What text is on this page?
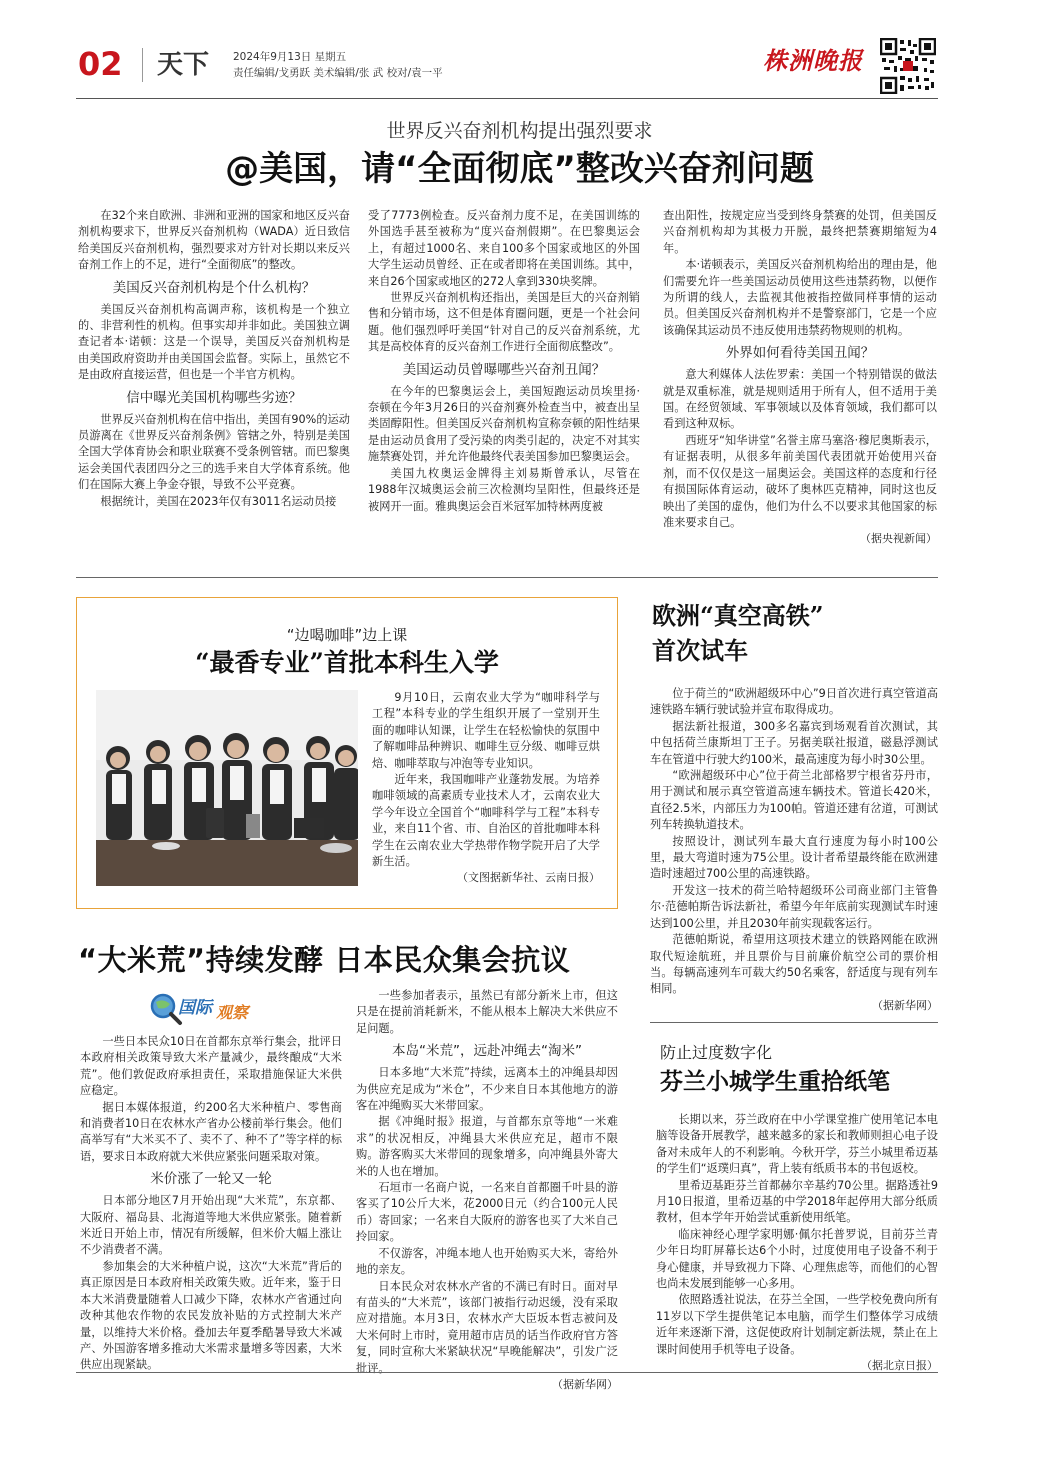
02 天下 2024年9月13日 星期五
责任编辑/戈勇跃 美术编辑/张 武 校对/袁一平	株洲晚报
世界反兴奋剂机构提出强烈要求
@美国，请“全面彻底”整改兴奋剂问题

在32个来自欧洲、非洲和亚洲的国家和地区反兴奋剂机构要求下，世界反兴奋剂机构（WADA）近日致信给美国反兴奋剂机构，强烈要求对方针对长期以来反兴奋剂工作上的不足，进行“全面彻底”的整改。

美国反兴奋剂机构是个什么机构？

美国反兴奋剂机构高调声称，该机构是一个独立的、非营利性的机构。但事实却并非如此。美国独立调查记者本·诺顿：这是一个误导，美国反兴奋剂机构是由美国政府资助并由美国国会监督。实际上，虽然它不是由政府直接运营，但也是一个半官方机构。

信中曝光美国机构哪些劣迹？

世界反兴奋剂机构在信中指出，美国有90%的运动员游离在《世界反兴奋剂条例》管辖之外，特别是美国全国大学体育协会和职业联赛不受条例管辖。而巴黎奥运会美国代表团四分之三的选手来自大学体育系统。他们在国际大赛上争金夺银，导致不公平竞赛。

根据统计，美国在2023年仅有3011名运动员接

受了7773例检查。反兴奋剂力度不足，在美国训练的外国选手甚至被称为“度兴奋剂假期”。在巴黎奥运会上，有超过1000名、来自100多个国家或地区的外国大学生运动员曾经、正在或者即将在美国训练。其中，来自26个国家或地区的272人拿到330块奖牌。

世界反兴奋剂机构还指出，美国是巨大的兴奋剂销售和分销市场，这不但是体育圈问题，更是一个社会问题。他们强烈呼吁美国“针对自己的反兴奋剂系统，尤其是高校体育的反兴奋剂工作进行全面彻底整改”。

美国运动员曾曝哪些兴奋剂丑闻？

在今年的巴黎奥运会上，美国短跑运动员埃里扬·奈顿在今年3月26日的兴奋剂赛外检查当中，被查出呈类固醇阳性。但美国反兴奋剂机构宣称奈顿的阳性结果是由运动员食用了受污染的肉类引起的，决定不对其实施禁赛处罚，并允许他最终代表美国参加巴黎奥运会。

美国九枚奥运金牌得主刘易斯曾承认，尽管在1988年汉城奥运会前三次检测均呈阳性，但最终还是被网开一面。雅典奥运会百米冠军加特林两度被

查出阳性，按规定应当受到终身禁赛的处罚，但美国反兴奋剂机构却为其极力开脱，最终把禁赛期缩短为4年。

本·诺顿表示，美国反兴奋剂机构给出的理由是，他们需要允许一些美国运动员使用这些违禁药物，以便作为所谓的线人，去监视其他被指控做同样事情的运动员。但美国反兴奋剂机构并不是警察部门，它是一个应该确保其运动员不违反使用违禁药物规则的机构。

外界如何看待美国丑闻？

意大利媒体人法佐罗索：美国一个特别错误的做法就是双重标准，就是规则适用于所有人，但不适用于美国。在经贸领域、军事领域以及体育领域，我们都可以看到这种双标。

西班牙“知华讲堂”名誉主席马塞洛·穆尼奥斯表示，有证据表明，从很多年前美国代表团就开始使用兴奋剂，而不仅仅是这一届奥运会。美国这样的态度和行径有损国际体育运动，破坏了奥林匹克精神，同时这也反映出了美国的虚伪，他们为什么不以要求其他国家的标准来要求自己。

（据央视新闻）
“边喝咖啡”边上课
“最香专业”首批本科生入学

9月10日，云南农业大学为“咖啡科学与工程”本科专业的学生组织开展了一堂别开生面的咖啡认知课，让学生在轻松愉快的氛围中了解咖啡品种辨识、咖啡生豆分级、咖啡豆烘焙、咖啡萃取与冲泡等专业知识。

近年来，我国咖啡产业蓬勃发展。为培养咖啡领域的高素质专业技术人才，云南农业大学今年设立全国首个“咖啡科学与工程”本科专业，来自11个省、市、自治区的首批咖啡本科学生在云南农业大学热带作物学院开启了大学新生活。

（文图据新华社、云南日报）
欧洲“真空高铁”
首次试车

位于荷兰的“欧洲超级环中心”9日首次进行真空管道高速铁路车辆行驶试验并宣布取得成功。

据法新社报道，300多名嘉宾到场观看首次测试，其中包括荷兰康斯坦丁王子。另据美联社报道，磁悬浮测试车在管道中行驶大约100米，最高速度为每小时30公里。

“欧洲超级环中心”位于荷兰北部格罗宁根省芬丹市，用于测试和展示真空管道高速车辆技术。管道长420米，直径2.5米，内部压力为100帕。管道还建有岔道，可测试列车转换轨道技术。

按照设计，测试列车最大直行速度为每小时100公里，最大弯道时速为75公里。设计者希望最终能在欧洲建造时速超过700公里的高速铁路。

开发这一技术的荷兰哈特超级环公司商业部门主管鲁尔·范德帕斯告诉法新社，希望今年年底前实现测试车时速达到100公里，并且2030年前实现载客运行。

范德帕斯说，希望用这项技术建立的铁路网能在欧洲取代短途航班，并且票价与目前廉价航空公司的票价相当。每辆高速列车可载大约50名乘客，舒适度与现有列车相同。

（据新华网）
“大米荒”持续发酵 日本民众集会抗议
国际 观察

一些日本民众10日在首都东京举行集会，批评日本政府相关政策导致大米产量减少，最终酿成“大米荒”。他们敦促政府承担责任，采取措施保证大米供应稳定。

据日本媒体报道，约200名大米种植户、零售商和消费者10日在农林水产省办公楼前举行集会。他们高举写有“大米买不了、卖不了、种不了”等字样的标语，要求日本政府就大米供应紧张问题采取对策。

米价涨了一轮又一轮

日本部分地区7月开始出现“大米荒”，东京都、大阪府、福岛县、北海道等地大米供应紧张。随着新米近日开始上市，情况有所缓解，但米价大幅上涨让不少消费者不满。

参加集会的大米种植户说，这次“大米荒”背后的真正原因是日本政府相关政策失败。近年来，鉴于日本大米消费量随着人口减少下降，农林水产省通过向改种其他农作物的农民发放补贴的方式控制大米产量，以维持大米价格。叠加去年夏季酷暑导致大米减产、外国游客增多推动大米需求量增多等因素，大米供应出现紧缺。

一些参加者表示，虽然已有部分新米上市，但这只是在提前消耗新米，不能从根本上解决大米供应不足问题。

本岛“米荒”，远赴冲绳去“淘米”

日本多地“大米荒”持续，远离本土的冲绳县却因为供应充足成为“米仓”，不少来自日本其他地方的游客在冲绳购买大米带回家。

据《冲绳时报》报道，与首都东京等地“一米难求”的状况相反，冲绳县大米供应充足，超市不限购。游客购买大米带回的现象增多，向冲绳县外寄大米的人也在增加。

石垣市一名商户说，一名来自首都圈千叶县的游客买了10公斤大米，花2000日元（约合100元人民币）寄回家；一名来自大阪府的游客也买了大米自己拎回家。

不仅游客，冲绳本地人也开始购买大米，寄给外地的亲友。

日本民众对农林水产省的不满已有时日。面对早有苗头的“大米荒”，该部门被指行动迟缓，没有采取应对措施。本月3日，农林水产大臣坂本哲志被问及大米何时上市时，竟用超市店员的话当作政府官方答复，同时宣称大米紧缺状况“早晚能解决”，引发广泛批评。

（据新华网）
防止过度数字化
芬兰小城学生重拾纸笔

长期以来，芬兰政府在中小学课堂推广使用笔记本电脑等设备开展教学，越来越多的家长和教师则担心电子设备对未成年人的不利影响。今秋开学，芬兰小城里希迈基的学生们“返璞归真”，背上装有纸质书本的书包返校。

里希迈基距芬兰首都赫尔辛基约70公里。据路透社9月10日报道，里希迈基的中学2018年起停用大部分纸质教材，但本学年开始尝试重新使用纸笔。

临床神经心理学家明娜·佩尔托普罗说，目前芬兰青少年日均盯屏幕长达6个小时，过度使用电子设备不利于身心健康，并导致视力下降、心理焦虑等，而他们的心智也尚未发展到能够一心多用。

依照路透社说法，在芬兰全国，一些学校免费向所有11岁以下学生提供笔记本电脑，而学生们整体学习成绩近年来逐渐下滑，这促使政府计划制定新法规，禁止在上课时间使用手机等电子设备。

（据北京日报）
